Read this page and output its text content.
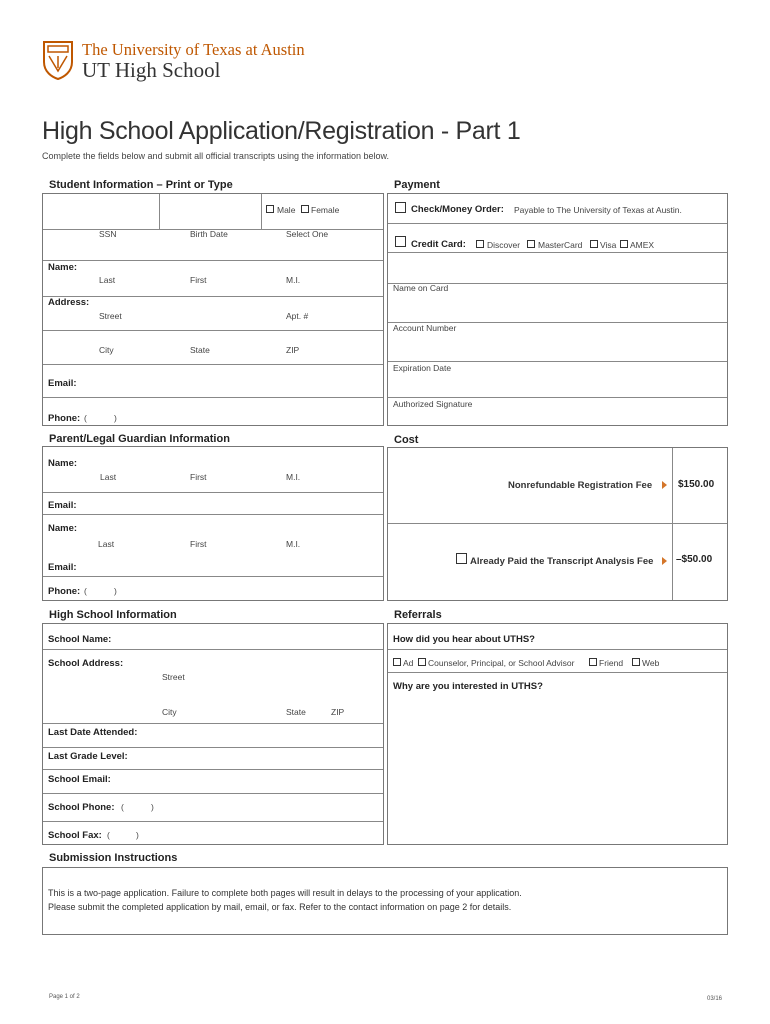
The University of Texas at Austin
UT High School
High School Application/Registration - Part 1
Complete the fields below and submit all official transcripts using the information below.
Student Information – Print or Type
Male Female
SSN	Birth Date	Select One
Name:
Last	First	M.I.
Address:
Street	Apt. #
City	State	ZIP
Email:
Phone: (	)
Payment
Check/Money Order: Payable to The University of Texas at Austin.
Credit Card: Discover MasterCard Visa AMEX
Name on Card
Account Number
Expiration Date
Authorized Signature
Parent/Legal Guardian Information
Name:
Last	First	M.I.
Email:
Name:
Last	First	M.I.
Email:
Phone: (	)
Cost
Nonrefundable Registration Fee	$150.00
Already Paid the Transcript Analysis Fee –$50.00
High School Information
School Name:
School Address:
Street
City	State	ZIP
Last Date Attended:
Last Grade Level:
School Email:
School Phone: (	)
School Fax: (	)
Referrals
How did you hear about UTHS?
Ad Counselor, Principal, or School Advisor	Friend Web
Why are you interested in UTHS?
Submission Instructions
This is a two-page application. Failure to complete both pages will result in delays to the processing of your application.
Please submit the completed application by mail, email, or fax. Refer to the contact information on page 2 for details.
Page 1 of 2	03/16
